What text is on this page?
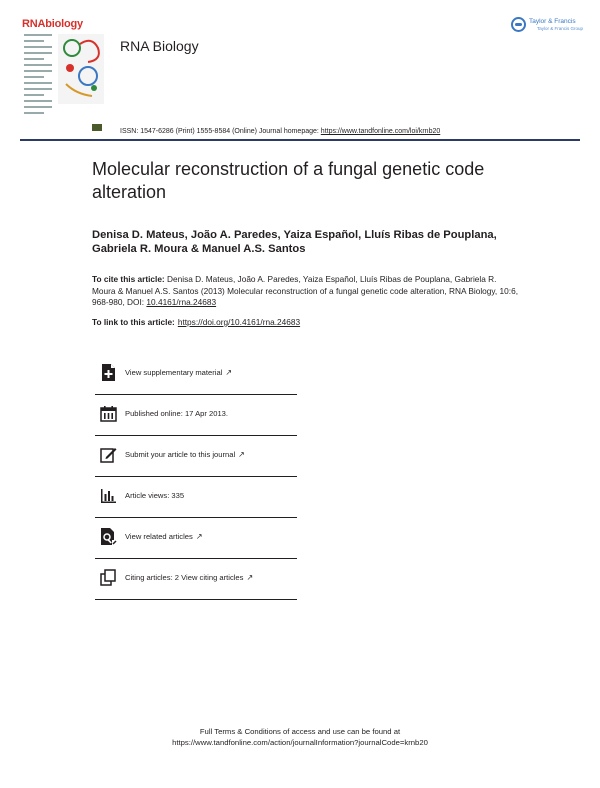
RNAbiology
RNA Biology
Taylor & Francis
Taylor & Francis Group
ISSN: 1547-6286 (Print) 1555-8584 (Online) Journal homepage: https://www.tandfonline.com/loi/krnb20
Molecular reconstruction of a fungal genetic code alteration
Denisa D. Mateus, João A. Paredes, Yaiza Español, Lluís Ribas de Pouplana, Gabriela R. Moura & Manuel A.S. Santos
To cite this article: Denisa D. Mateus, João A. Paredes, Yaiza Español, Lluís Ribas de Pouplana, Gabriela R. Moura & Manuel A.S. Santos (2013) Molecular reconstruction of a fungal genetic code alteration, RNA Biology, 10:6, 968-980, DOI: 10.4161/rna.24683
To link to this article: https://doi.org/10.4161/rna.24683
View supplementary material ↗
Published online: 17 Apr 2013.
Submit your article to this journal ↗
Article views: 335
View related articles ↗
Citing articles: 2 View citing articles ↗
Full Terms & Conditions of access and use can be found at
https://www.tandfonline.com/action/journalInformation?journalCode=krnb20
